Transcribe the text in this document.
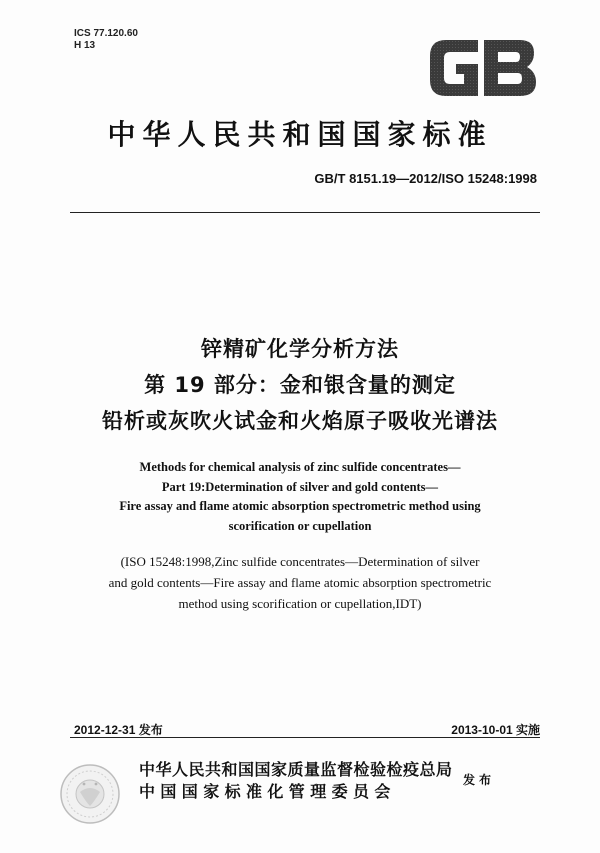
ICS 77.120.60
H 13
GB
中华人民共和国国家标准
GB/T 8151.19—2012/ISO 15248:1998
锌精矿化学分析方法
第 19 部分：金和银含量的测定
铅析或灰吹火试金和火焰原子吸收光谱法
Methods for chemical analysis of zinc sulfide concentrates—
Part 19:Determination of silver and gold contents—
Fire assay and flame atomic absorption spectrometric method using
scorification or cupellation
(ISO 15248:1998,Zinc sulfide concentrates—Determination of silver
and gold contents—Fire assay and flame atomic absorption spectrometric
method using scorification or cupellation,IDT)
2012-12-31 发布	2013-10-01 实施
中华人民共和国国家质量监督检验检疫总局
中国国家标准化管理委员会
发布
